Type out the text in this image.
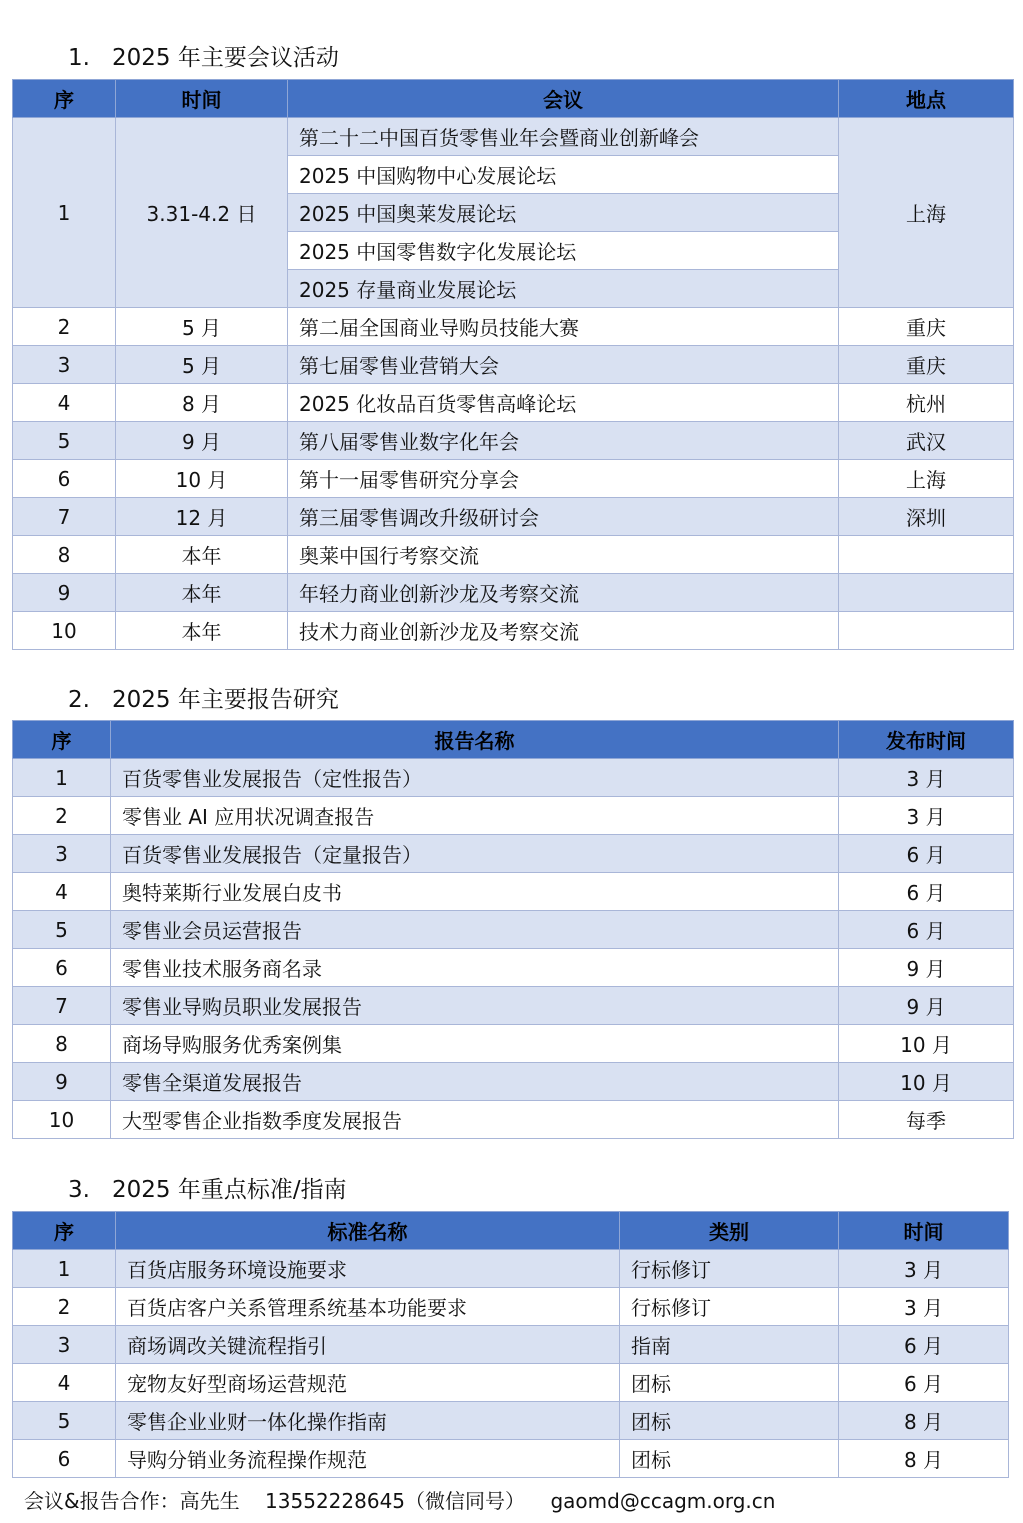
1. 2025 年主要会议活动
序	时间	会议	地点
1	3.31-4.2 日	第二十二中国百货零售业年会暨商业创新峰会	上海
		2025 中国购物中心发展论坛	
		2025 中国奥莱发展论坛	
		2025 中国零售数字化发展论坛	
		2025 存量商业发展论坛	
2	5 月	第二届全国商业导购员技能大赛	重庆
3	5 月	第七届零售业营销大会	重庆
4	8 月	2025 化妆品百货零售高峰论坛	杭州
5	9 月	第八届零售业数字化年会	武汉
6	10 月	第十一届零售研究分享会	上海
7	12 月	第三届零售调改升级研讨会	深圳
8	本年	奥莱中国行考察交流	
9	本年	年轻力商业创新沙龙及考察交流	
10	本年	技术力商业创新沙龙及考察交流	
2. 2025 年主要报告研究
序	报告名称	发布时间
1	百货零售业发展报告（定性报告）	3 月
2	零售业 AI 应用状况调查报告	3 月
3	百货零售业发展报告（定量报告）	6 月
4	奥特莱斯行业发展白皮书	6 月
5	零售业会员运营报告	6 月
6	零售业技术服务商名录	9 月
7	零售业导购员职业发展报告	9 月
8	商场导购服务优秀案例集	10 月
9	零售全渠道发展报告	10 月
10	大型零售企业指数季度发展报告	每季
3. 2025 年重点标准/指南
序	标准名称	类别	时间
1	百货店服务环境设施要求	行标修订	3 月
2	百货店客户关系管理系统基本功能要求	行标修订	3 月
3	商场调改关键流程指引	指南	6 月
4	宠物友好型商场运营规范	团标	6 月
5	零售企业业财一体化操作指南	团标	8 月
6	导购分销业务流程操作规范	团标	8 月
会议&报告合作：高先生 13552228645（微信同号） gaomd@ccagm.org.cn
